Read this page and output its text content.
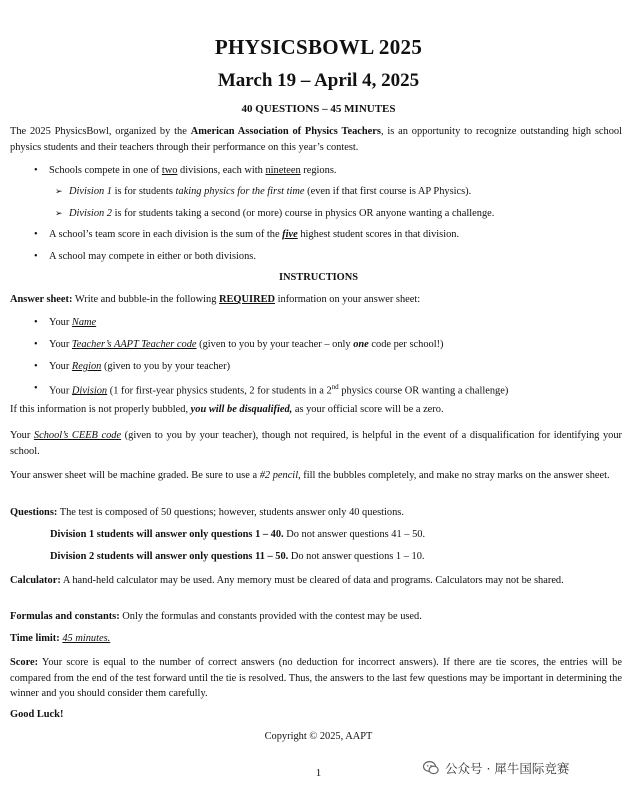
PHYSICSBOWL 2025
March 19 – April 4, 2025
40 QUESTIONS – 45 MINUTES
The 2025 PhysicsBowl, organized by the American Association of Physics Teachers, is an opportunity to recognize outstanding high school physics students and their teachers through their performance on this year’s contest.
• Schools compete in one of two divisions, each with nineteen regions.
➢ Division 1 is for students taking physics for the first time (even if that first course is AP Physics).
➢ Division 2 is for students taking a second (or more) course in physics OR anyone wanting a challenge.
• A school’s team score in each division is the sum of the five highest student scores in that division.
• A school may compete in either or both divisions.
INSTRUCTIONS
Answer sheet: Write and bubble-in the following REQUIRED information on your answer sheet:
• Your Name
• Your Teacher’s AAPT Teacher code (given to you by your teacher – only one code per school!)
• Your Region (given to you by your teacher)
• Your Division (1 for first-year physics students, 2 for students in a 2nd physics course OR wanting a challenge)
If this information is not properly bubbled, you will be disqualified, as your official score will be a zero.
Your School’s CEEB code (given to you by your teacher), though not required, is helpful in the event of a disqualification for identifying your school.
Your answer sheet will be machine graded. Be sure to use a #2 pencil, fill the bubbles completely, and make no stray marks on the answer sheet.
Questions: The test is composed of 50 questions; however, students answer only 40 questions.
Division 1 students will answer only questions 1 – 40. Do not answer questions 41 – 50.
Division 2 students will answer only questions 11 – 50. Do not answer questions 1 – 10.
Calculator: A hand-held calculator may be used. Any memory must be cleared of data and programs. Calculators may not be shared.
Formulas and constants: Only the formulas and constants provided with the contest may be used.
Time limit: 45 minutes.
Score: Your score is equal to the number of correct answers (no deduction for incorrect answers). If there are tie scores, the entries will be compared from the end of the test forward until the tie is resolved. Thus, the answers to the last few questions may be important in determining the winner and you should consider them carefully.
Good Luck!
Copyright © 2025, AAPT
1	公众号 · 犀牛国际竞赛
